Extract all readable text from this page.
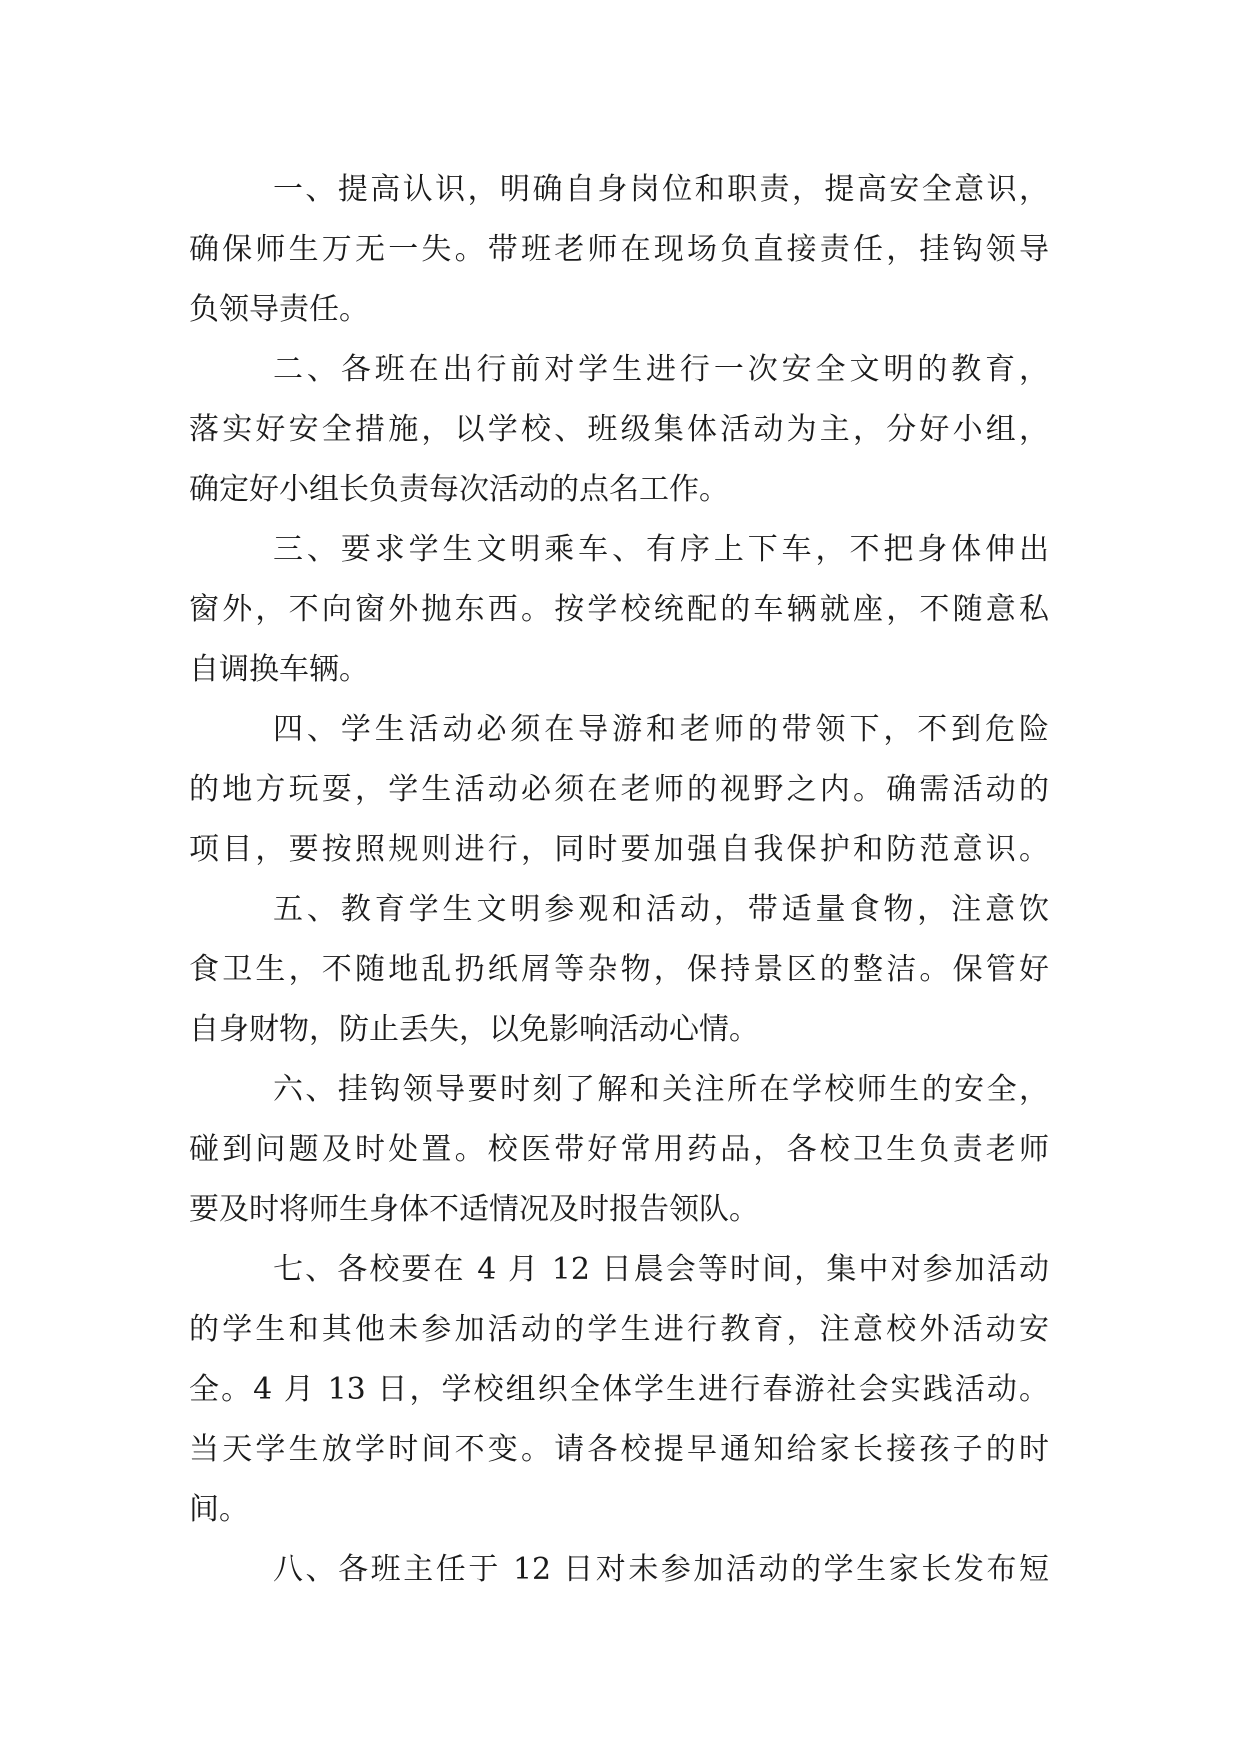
一、提高认识，明确自身岗位和职责，提高安全意识，
确保师生万无一失。带班老师在现场负直接责任，挂钩领导
负领导责任。
二、各班在出行前对学生进行一次安全文明的教育，
落实好安全措施，以学校、班级集体活动为主，分好小组，
确定好小组长负责每次活动的点名工作。
三、要求学生文明乘车、有序上下车，不把身体伸出
窗外，不向窗外抛东西。按学校统配的车辆就座，不随意私
自调换车辆。
四、学生活动必须在导游和老师的带领下，不到危险
的地方玩耍，学生活动必须在老师的视野之内。确需活动的
项目，要按照规则进行，同时要加强自我保护和防范意识。
五、教育学生文明参观和活动，带适量食物，注意饮
食卫生，不随地乱扔纸屑等杂物，保持景区的整洁。保管好
自身财物，防止丢失，以免影响活动心情。
六、挂钩领导要时刻了解和关注所在学校师生的安全，
碰到问题及时处置。校医带好常用药品，各校卫生负责老师
要及时将师生身体不适情况及时报告领队。
七、各校要在 4 月 12 日晨会等时间，集中对参加活动
的学生和其他未参加活动的学生进行教育，注意校外活动安
全。4 月 13 日，学校组织全体学生进行春游社会实践活动。
当天学生放学时间不变。请各校提早通知给家长接孩子的时
间。
八、各班主任于 12 日对未参加活动的学生家长发布短
